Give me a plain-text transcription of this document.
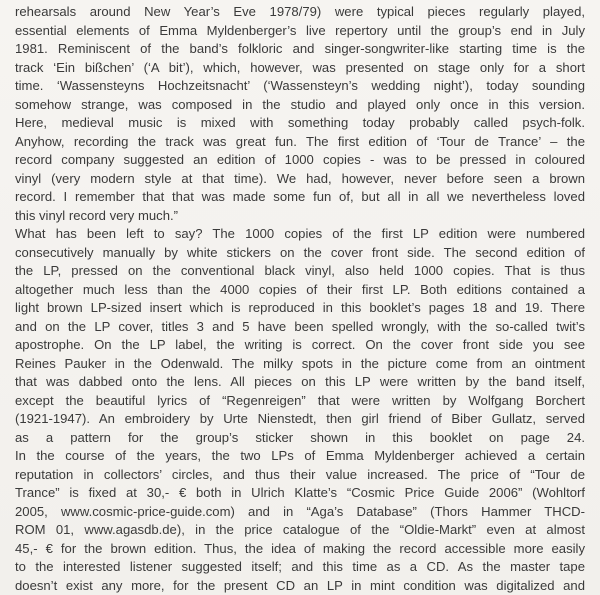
rehearsals around New Year’s Eve 1978/79) were typical pieces regularly played,
essential elements of Emma Myldenberger’s live repertory until the group’s end in July
1981. Reminiscent of the band’s folkloric and singer-songwriter-like starting time is the
track ‘Ein bißchen’ (‘A bit’), which, however, was presented on stage only for a short
time. ‘Wassensteyns Hochzeitsnacht’ (‘Wassensteyn’s wedding night’), today sounding
somehow strange, was composed in the studio and played only once in this version.
Here, medieval music is mixed with something today probably called psych-folk.
Anyhow, recording the track was great fun. The first edition of ‘Tour de Trance’ – the
record company suggested an edition of 1000 copies - was to be pressed in coloured
vinyl (very modern style at that time). We had, however, never before seen a brown
record. I remember that that was made some fun of, but all in all we nevertheless loved
this vinyl record very much.”
What has been left to say? The 1000 copies of the first LP edition were numbered
consecutively manually by white stickers on the cover front side. The second edition of
the LP, pressed on the conventional black vinyl, also held 1000 copies. That is thus
altogether much less than the 4000 copies of their first LP. Both editions contained a
light brown LP-sized insert which is reproduced in this booklet’s pages 18 and 19. There
and on the LP cover, titles 3 and 5 have been spelled wrongly, with the so-called twit’s
apostrophe. On the LP label, the writing is correct. On the cover front side you see
Reines Pauker in the Odenwald. The milky spots in the picture come from an ointment
that was dabbed onto the lens. All pieces on this LP were written by the band itself,
except the beautiful lyrics of “Regenreigen” that were written by Wolfgang Borchert
(1921-1947). An embroidery by Urte Nienstedt, then girl friend of Biber Gullatz, served
as a pattern for the group’s sticker shown in this booklet on page 24.
In the course of the years, the two LPs of Emma Myldenberger achieved a certain
reputation in collectors’ circles, and thus their value increased. The price of “Tour de
Trance” is fixed at 30,- € both in Ulrich Klatte’s “Cosmic Price Guide 2006” (Wohltorf
2005, www.cosmic-price-guide.com) and in “Aga’s Database” (Thors Hammer THCD-
ROM 01, www.agasdb.de), in the price catalogue of the “Oldie-Markt” even at almost
45,- € for the brown edition. Thus, the idea of making the record accessible more easily
to the interested listener suggested itself; and this time as a CD. As the master tape
doesn’t exist any more, for the present CD an LP in mint condition was digitalized and
